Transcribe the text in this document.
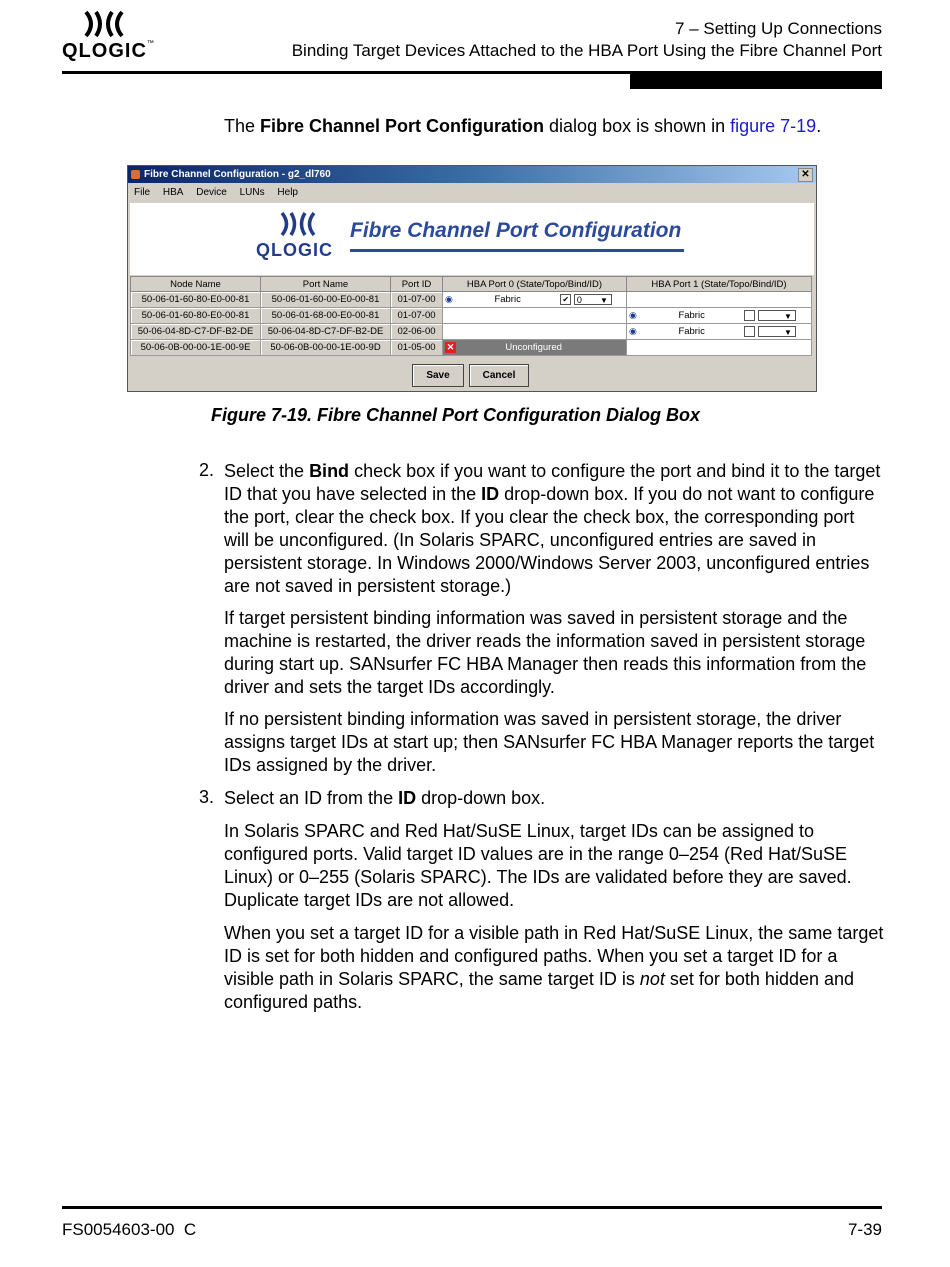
QLOGIC™
7 – Setting Up Connections
Binding Target Devices Attached to the HBA Port Using the Fibre Channel Port
The Fibre Channel Port Configuration dialog box is shown in figure 7-19.
Fibre Channel Configuration - g2_dl760	✕
File HBA Device LUNs Help
QLOGIC
Fibre Channel Port Configuration
Node Name	Port Name	Port ID	HBA Port 0 (State/Topo/Bind/ID)	HBA Port 1 (State/Topo/Bind/ID)
50-06-01-60-80-E0-00-81	50-06-01-60-00-E0-00-81	01-07-00	◉ Fabric ✔ 0 ▼	

50-06-01-60-80-E0-00-81	50-06-01-68-00-E0-00-81	01-07-00		◉ Fabric ▼

50-06-04-8D-C7-DF-B2-DE	50-06-04-8D-C7-DF-B2-DE	02-06-00		◉ Fabric ▼

50-06-0B-00-00-1E-00-9E	50-06-0B-00-00-1E-00-9D	01-05-00	✕ Unconfigured	
Save	Cancel
Figure 7-19. Fibre Channel Port Configuration Dialog Box
2. Select the Bind check box if you want to configure the port and bind it to the target ID that you have selected in the ID drop-down box. If you do not want to configure the port, clear the check box. If you clear the check box, the corresponding port will be unconfigured. (In Solaris SPARC, unconfigured entries are saved in persistent storage. In Windows 2000/Windows Server 2003, unconfigured entries are not saved in persistent storage.)

If target persistent binding information was saved in persistent storage and the machine is restarted, the driver reads the information saved in persistent storage during start up. SANsurfer FC HBA Manager then reads this information from the driver and sets the target IDs accordingly.
If no persistent binding information was saved in persistent storage, the driver assigns target IDs at start up; then SANsurfer FC HBA Manager reports the target IDs assigned by the driver.
3. Select an ID from the ID drop-down box.

In Solaris SPARC and Red Hat/SuSE Linux, target IDs can be assigned to configured ports. Valid target ID values are in the range 0–254 (Red Hat/SuSE Linux) or 0–255 (Solaris SPARC). The IDs are validated before they are saved. Duplicate target IDs are not allowed.

When you set a target ID for a visible path in Red Hat/SuSE Linux, the same target ID is set for both hidden and configured paths. When you set a target ID for a visible path in Solaris SPARC, the same target ID is not set for both hidden and configured paths.

FS0054603-00  C	7-39
